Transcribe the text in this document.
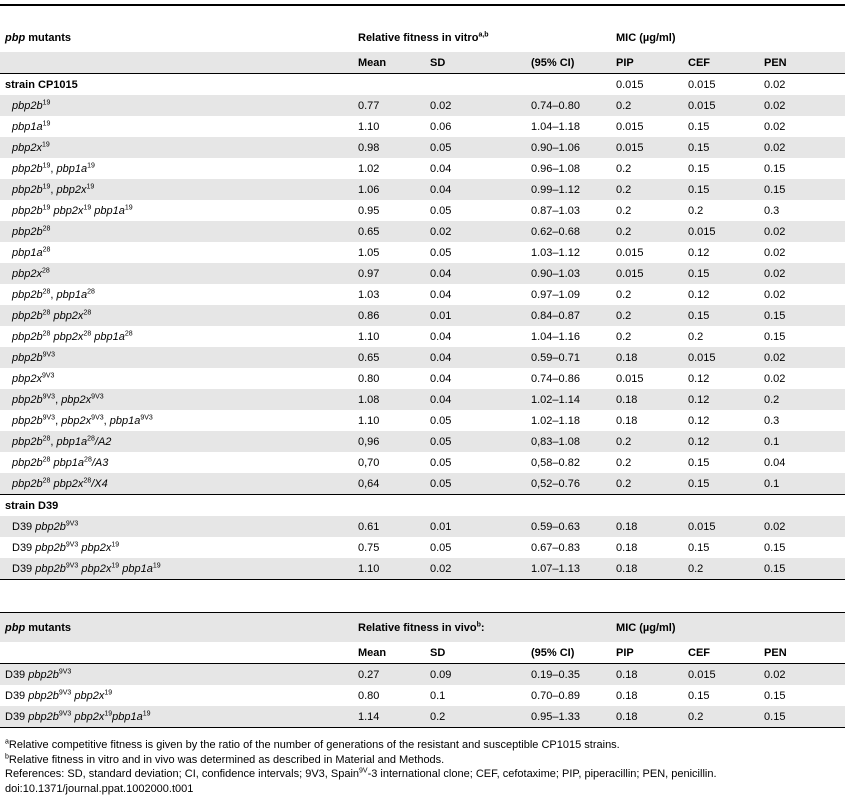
pbp mutants	Relative fitness in vitro$^{a,b}$			MIC (µg/ml)		
	Mean	SD	(95% CI)	PIP	CEF	PEN
strain CP1015				0.015	0.015	0.02
$pbp2b^{19}$	0.77	0.02	0.74–0.80	0.2	0.015	0.02
$pbp1a^{19}$	1.10	0.06	1.04–1.18	0.015	0.15	0.02
$pbp2x^{19}$	0.98	0.05	0.90–1.06	0.015	0.15	0.02
$pbp2b^{19}$, $pbp1a^{19}$	1.02	0.04	0.96–1.08	0.2	0.15	0.15
$pbp2b^{19}$, $pbp2x^{19}$	1.06	0.04	0.99–1.12	0.2	0.15	0.15
$pbp2b^{19}$ $pbp2x^{19}$ $pbp1a^{19}$	0.95	0.05	0.87–1.03	0.2	0.2	0.3
$pbp2b^{28}$	0.65	0.02	0.62–0.68	0.2	0.015	0.02
$pbp1a^{28}$	1.05	0.05	1.03–1.12	0.015	0.12	0.02
$pbp2x^{28}$	0.97	0.04	0.90–1.03	0.015	0.15	0.02
$pbp2b^{28}$, $pbp1a^{28}$	1.03	0.04	0.97–1.09	0.2	0.12	0.02
$pbp2b^{28}$ $pbp2x^{28}$	0.86	0.01	0.84–0.87	0.2	0.15	0.15
$pbp2b^{28}$ $pbp2x^{28}$ $pbp1a^{28}$	1.10	0.04	1.04–1.16	0.2	0.2	0.15
$pbp2b^{9V3}$	0.65	0.04	0.59–0.71	0.18	0.015	0.02
$pbp2x^{9V3}$	0.80	0.04	0.74–0.86	0.015	0.12	0.02
$pbp2b^{9V3}$, $pbp2x^{9V3}$	1.08	0.04	1.02–1.14	0.18	0.12	0.2
$pbp2b^{9V3}$, $pbp2x^{9V3}$, $pbp1a^{9V3}$	1.10	0.05	1.02–1.18	0.18	0.12	0.3
$pbp2b^{28}$, $pbp1a^{28}/A2$	0,96	0.05	0,83–1.08	0.2	0.12	0.1
$pbp2b^{28}$ $pbp1a^{28}/A3$	0,70	0.05	0,58–0.82	0.2	0.15	0.04
$pbp2b^{28}$ $pbp2x^{28}/X4$	0,64	0.05	0,52–0.76	0.2	0.15	0.1
strain D39						
D39 $pbp2b^{9V3}$	0.61	0.01	0.59–0.63	0.18	0.015	0.02
D39 $pbp2b^{9V3}$ $pbp2x^{19}$	0.75	0.05	0.67–0.83	0.18	0.15	0.15
D39 $pbp2b^{9V3}$ $pbp2x^{19}$ $pbp1a^{19}$	1.10	0.02	1.07–1.13	0.18	0.2	0.15
pbp mutants	Relative fitness in vivo$^b$:			MIC (µg/ml)		
	Mean	SD	(95% CI)	PIP	CEF	PEN
D39 $pbp2b^{9V3}$	0.27	0.09	0.19–0.35	0.18	0.015	0.02
D39 $pbp2b^{9V3}$ $pbp2x^{19}$	0.80	0.1	0.70–0.89	0.18	0.15	0.15
D39 $pbp2b^{9V3}$ $pbp2x^{19}pbp1a^{19}$	1.14	0.2	0.95–1.33	0.18	0.2	0.15
$^a$Relative competitive fitness is given by the ratio of the number of generations of the resistant and susceptible CP1015 strains.
$^b$Relative fitness in vitro and in vivo was determined as described in Material and Methods.
References: SD, standard deviation; CI, confidence intervals; 9V3, Spain$^{9V}$-3 international clone; CEF, cefotaxime; PIP, piperacillin; PEN, penicillin.
doi:10.1371/journal.ppat.1002000.t001
